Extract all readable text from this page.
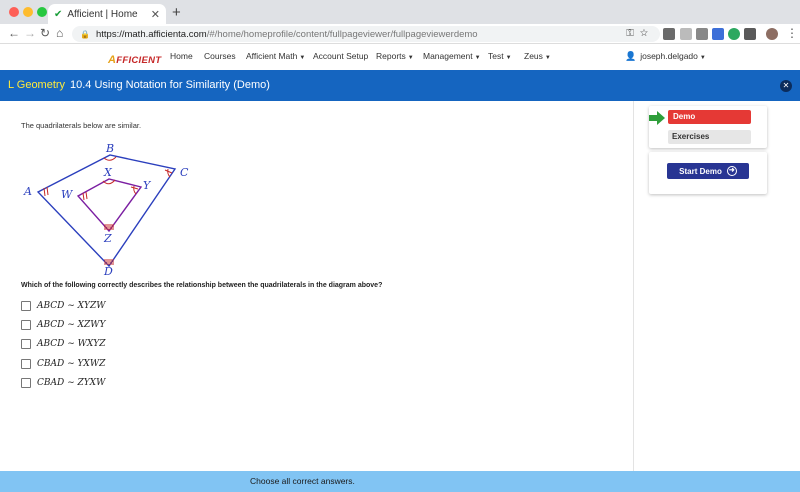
✔ Afficient | Home	✕ +
← → ↻ ⌂ 🔒 https://math.afficienta.com/#/home/homeprofile/content/fullpageviewer/fullpageviewerdemo	⚿☆	⋮
AFFICIENT Home Courses Afficient Math ▼ Account Setup Reports ▼ Management ▼ Test ▼ Zeus ▼	👤 joseph.delgado ▼
L Geometry 10.4 Using Notation for Similarity (Demo)	✕
The quadrilaterals below are similar.
B
A
C
D
X
W
Y
Z
Which of the following correctly describes the relationship between the quadrilaterals in the diagram above?
ABCD ∼ XYZW
ABCD ∼ XZWY
ABCD ∼ WXYZ
CBAD ∼ YXWZ
CBAD ∼ ZYXW
Demo
Exercises
Start Demo ➜
Choose all correct answers.
